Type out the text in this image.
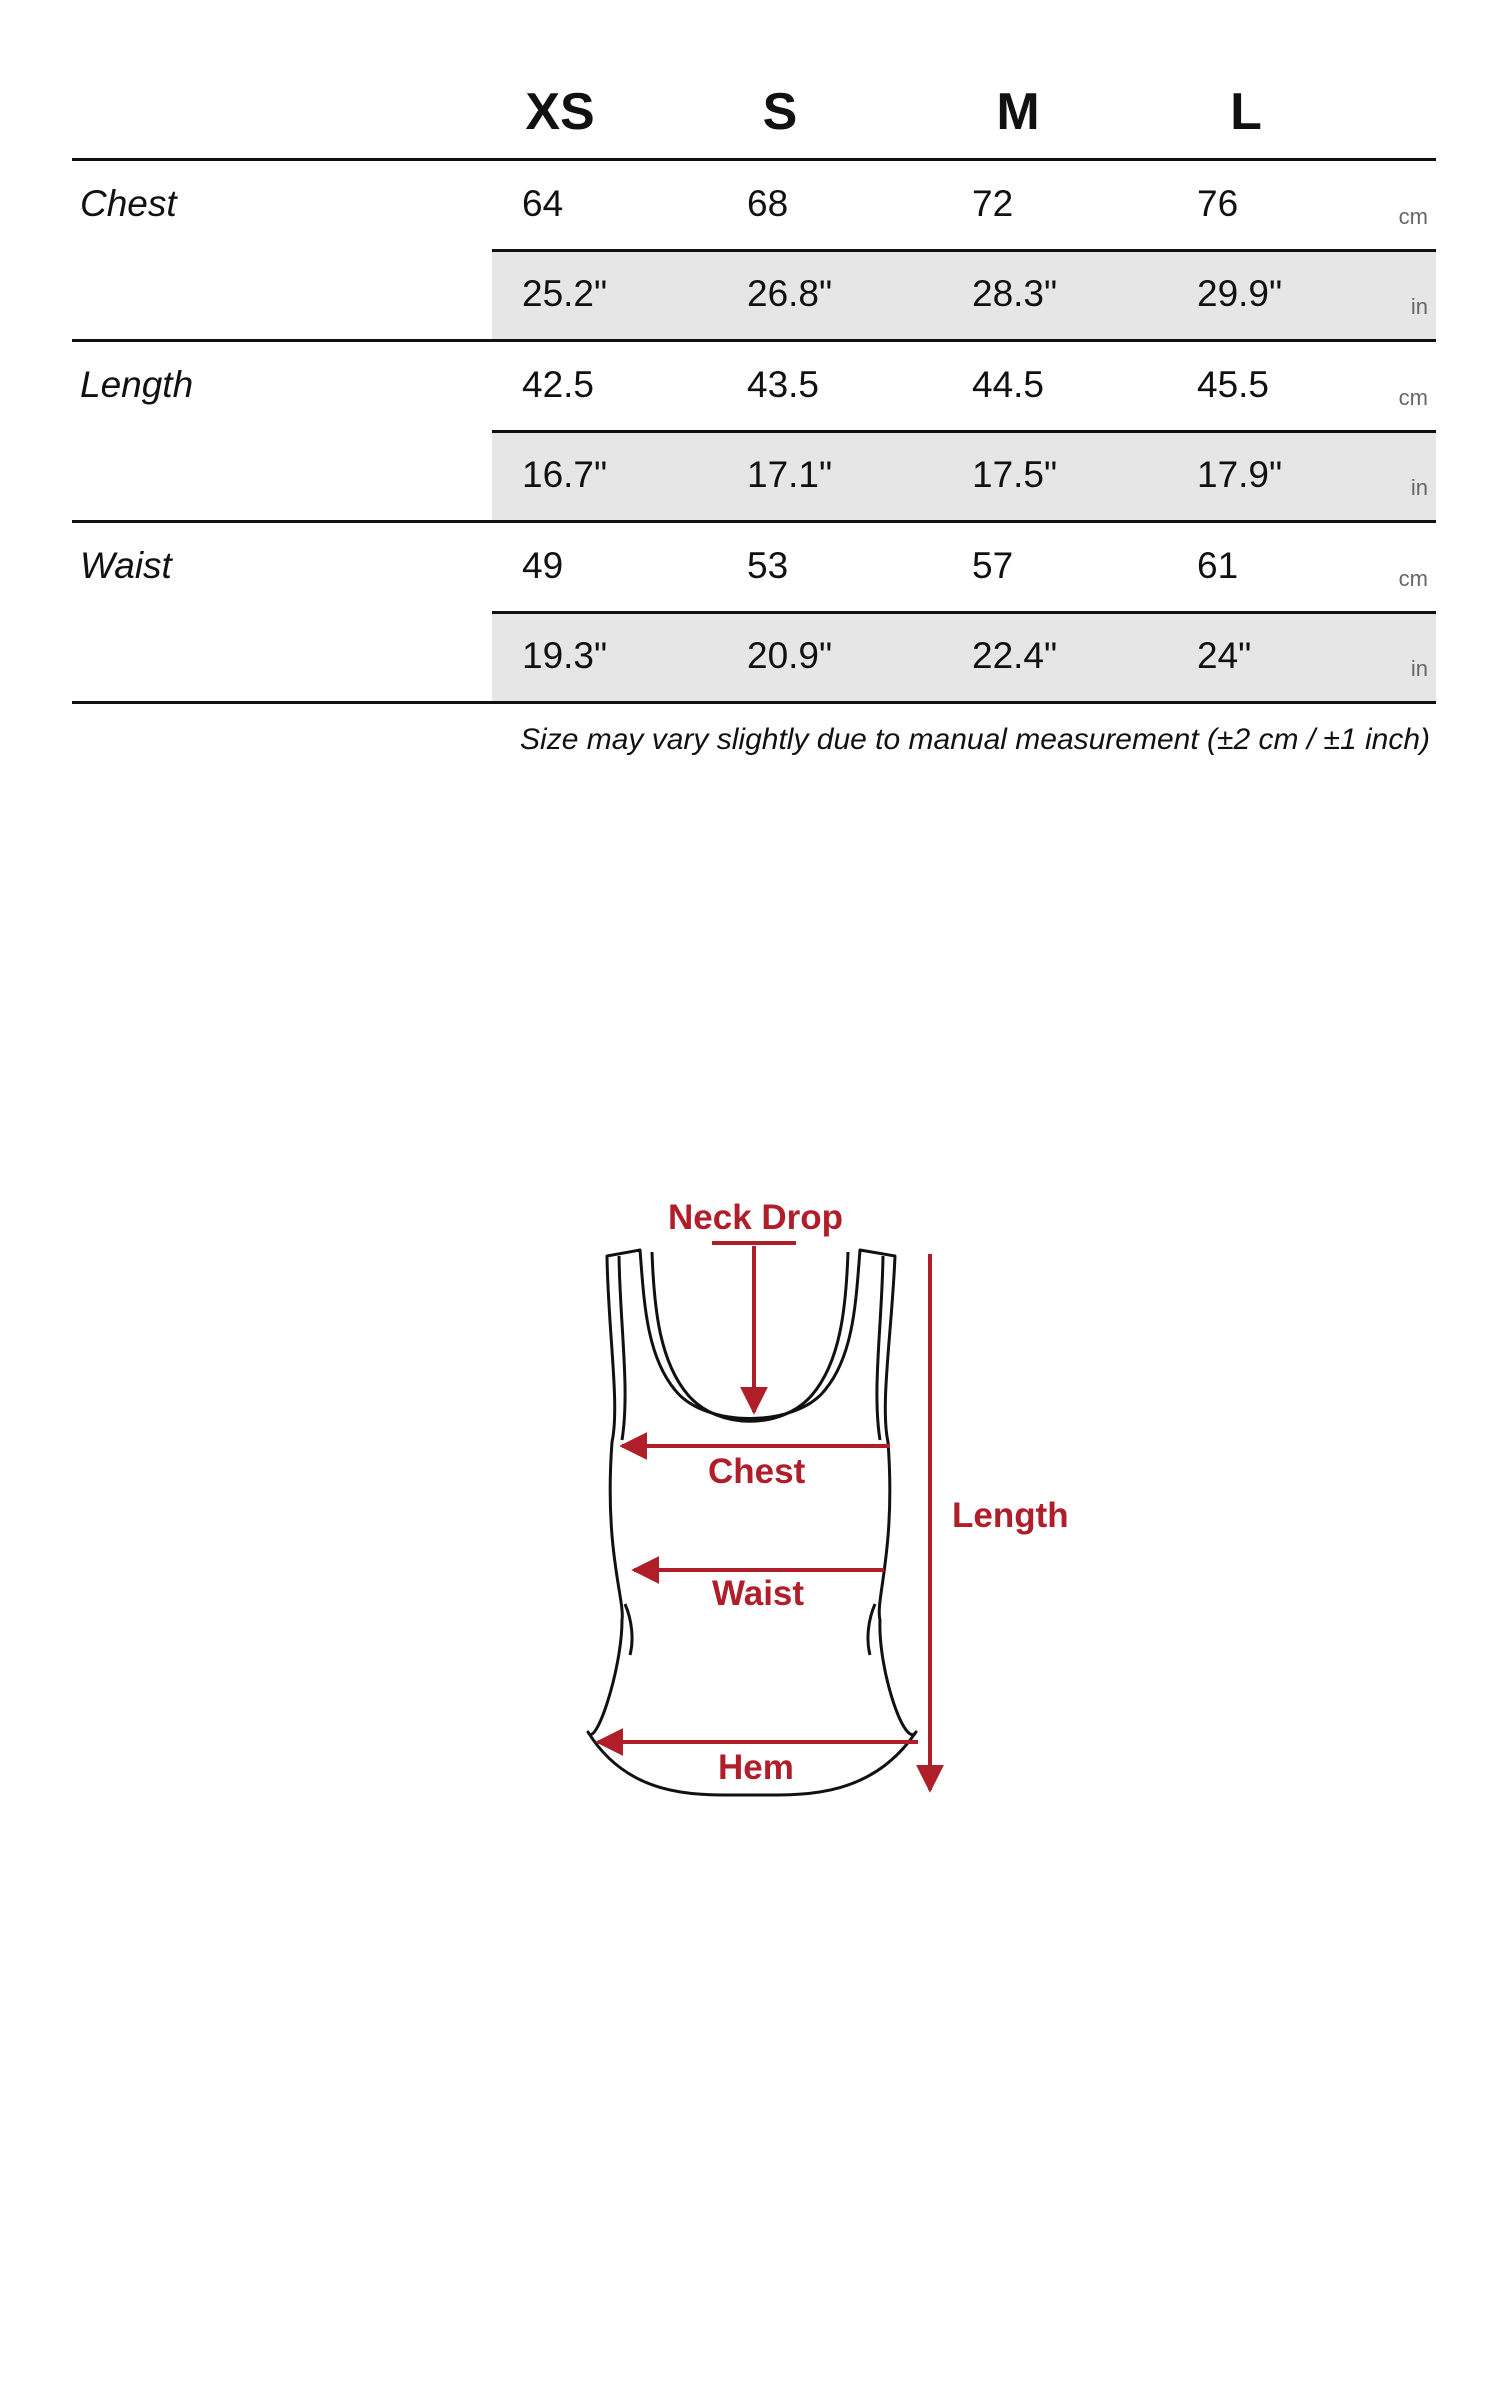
XS	S	M	L
Chest	64	68	72	76	cm
25.2"	26.8"	28.3"	29.9"	in
Length	42.5	43.5	44.5	45.5	cm
16.7"	17.1"	17.5"	17.9"	in
Waist	49	53	57	61	cm
19.3"	20.9"	22.4"	24"	in
Size may vary slightly due to manual measurement (±2 cm / ±1 inch)
Neck Drop
Chest
Waist
Length
Hem
